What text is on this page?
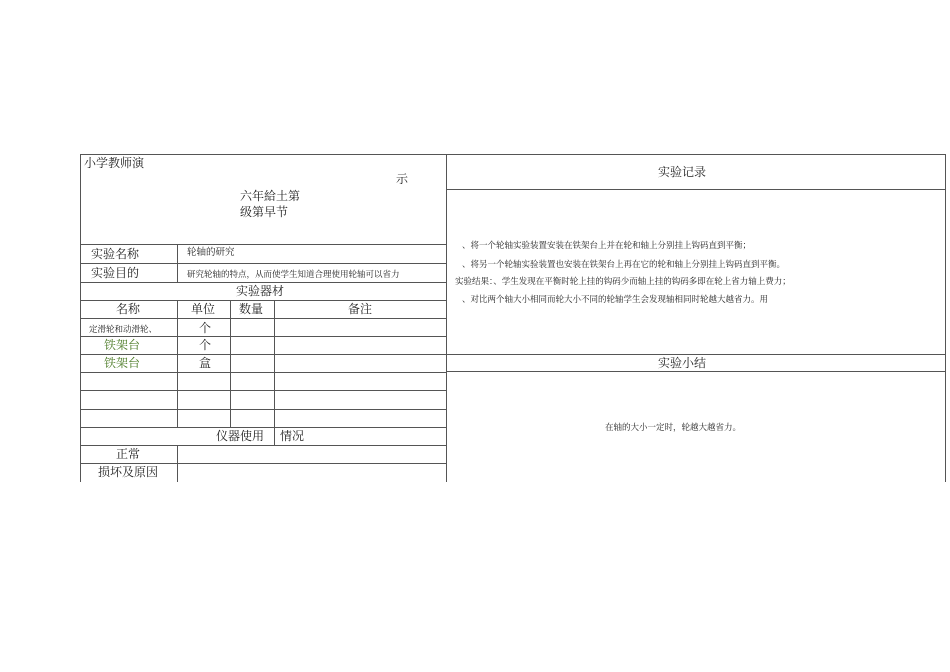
小学教师演
示
六年給土第
级第早节
实验名称	轮轴的研究
实验目的	研究轮轴的特点，从而使学生知道合理使用轮轴可以省力
实验器材
名称	单位 数量	备注
定滑轮和动滑轮、	个
铁架台	个
铁架台	盒
仪器使用 情况
正常
损坏及原因
实验记录
、将一个轮轴实验装置安装在铁架台上并在轮和轴上分别挂上钩码直到平衡；
、将另一个轮轴实验装置也安装在铁架台上再在它的轮和轴上分别挂上钩码直到平衡。
实验结果：、学生发现在平衡时轮上挂的钩码少而轴上挂的钩码多即在轮上省力轴上费力；
、对比两个轴大小相同而轮大小不同的轮轴学生会发现轴相同时轮越大越省力。用
实验小结
在轴的大小一定时，轮越大越省力。
